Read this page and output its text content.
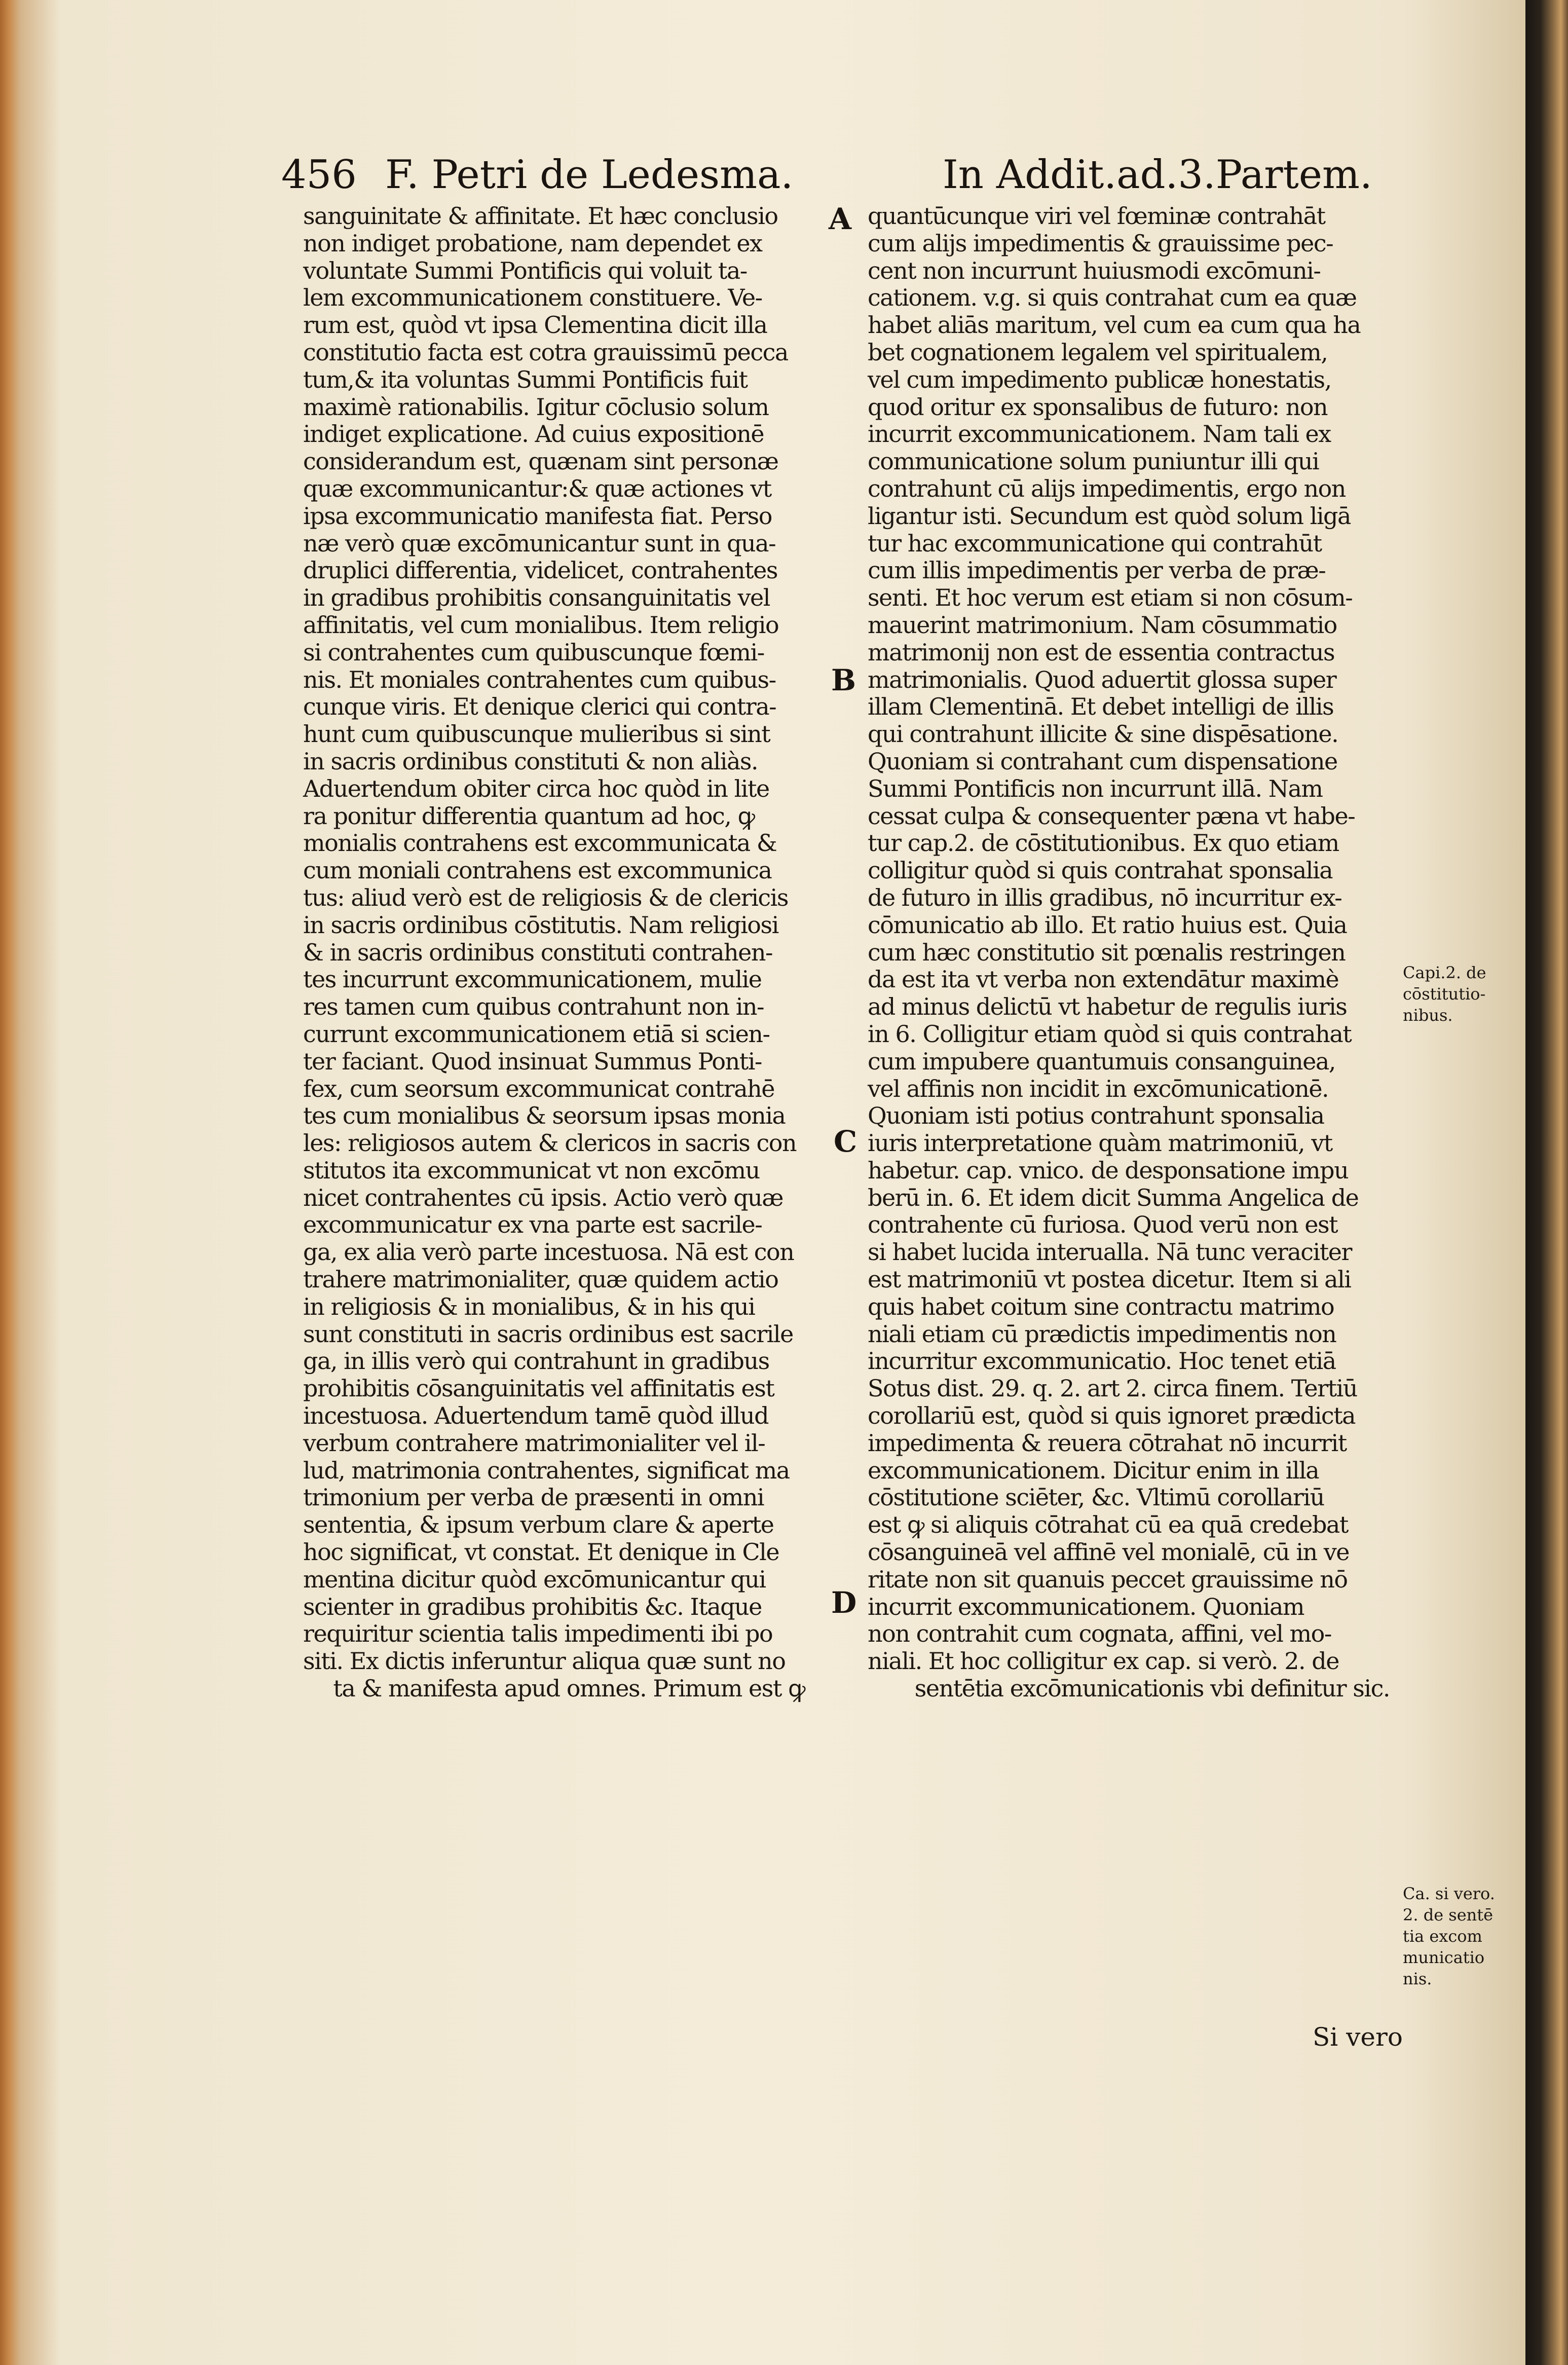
456 F. Petri de Ledesma.	In Addit.ad.3.Partem.
sanguinitate & affinitate. Et hæc conclusio
non indiget probatione, nam dependet ex
voluntate Summi Pontificis qui voluit ta-
lem excommunicationem constituere. Ve-
rum est, quòd vt ipsa Clementina dicit illa
constitutio facta est cotra grauissimū pecca
tum,& ita voluntas Summi Pontificis fuit
maximè rationabilis. Igitur cōclusio solum
indiget explicatione. Ad cuius expositionē
considerandum est, quænam sint personæ
quæ excommunicantur:& quæ actiones vt
ipsa excommunicatio manifesta fiat. Perso
næ verò quæ excōmunicantur sunt in qua-
druplici differentia, videlicet, contrahentes
in gradibus prohibitis consanguinitatis vel
affinitatis, vel cum monialibus. Item religio
si contrahentes cum quibuscunque fœmi-
nis. Et moniales contrahentes cum quibus-
cunque viris. Et denique clerici qui contra-
hunt cum quibuscunque mulieribus si sint
in sacris ordinibus constituti & non aliàs.
Aduertendum obiter circa hoc quòd in lite
ra ponitur differentia quantum ad hoc, ꝙ
monialis contrahens est excommunicata &
cum moniali contrahens est excommunica
tus: aliud verò est de religiosis & de clericis
in sacris ordinibus cōstitutis. Nam religiosi
& in sacris ordinibus constituti contrahen-
tes incurrunt excommunicationem, mulie
res tamen cum quibus contrahunt non in-
currunt excommunicationem etiā si scien-
ter faciant. Quod insinuat Summus Ponti-
fex, cum seorsum excommunicat contrahē
tes cum monialibus & seorsum ipsas monia
les: religiosos autem & clericos in sacris con
stitutos ita excommunicat vt non excōmu
nicet contrahentes cū ipsis. Actio verò quæ
excommunicatur ex vna parte est sacrile-
ga, ex alia verò parte incestuosa. Nā est con
trahere matrimonialiter, quæ quidem actio
in religiosis & in monialibus, & in his qui
sunt constituti in sacris ordinibus est sacrile
ga, in illis verò qui contrahunt in gradibus
prohibitis cōsanguinitatis vel affinitatis est
incestuosa. Aduertendum tamē quòd illud
verbum contrahere matrimonialiter vel il-
lud, matrimonia contrahentes, significat ma
trimonium per verba de præsenti in omni
sententia, & ipsum verbum clare & aperte
hoc significat, vt constat. Et denique in Cle
mentina dicitur quòd excōmunicantur qui
scienter in gradibus prohibitis &c. Itaque
requiritur scientia talis impedimenti ibi po
siti. Ex dictis inferuntur aliqua quæ sunt no
ta & manifesta apud omnes. Primum est ꝙ
A
B
C
D
quantūcunque viri vel fœminæ contrahāt
cum alijs impedimentis & grauissime pec-
cent non incurrunt huiusmodi excōmuni-
cationem. v.g. si quis contrahat cum ea quæ
habet aliās maritum, vel cum ea cum qua ha
bet cognationem legalem vel spiritualem,
vel cum impedimento publicæ honestatis,
quod oritur ex sponsalibus de futuro: non
incurrit excommunicationem. Nam tali ex
communicatione solum puniuntur illi qui
contrahunt cū alijs impedimentis, ergo non
ligantur isti. Secundum est quòd solum ligā
tur hac excommunicatione qui contrahūt
cum illis impedimentis per verba de præ-
senti. Et hoc verum est etiam si non cōsum-
mauerint matrimonium. Nam cōsummatio
matrimonij non est de essentia contractus
matrimonialis. Quod aduertit glossa super
illam Clementinā. Et debet intelligi de illis
qui contrahunt illicite & sine dispēsatione.
Quoniam si contrahant cum dispensatione
Summi Pontificis non incurrunt illā. Nam
cessat culpa & consequenter pæna vt habe-
tur cap.2. de cōstitutionibus. Ex quo etiam
colligitur quòd si quis contrahat sponsalia
de futuro in illis gradibus, nō incurritur ex-
cōmunicatio ab illo. Et ratio huius est. Quia
cum hæc constitutio sit pœnalis restringen
da est ita vt verba non extendātur maximè
ad minus delictū vt habetur de regulis iuris
in 6. Colligitur etiam quòd si quis contrahat
cum impubere quantumuis consanguinea,
vel affinis non incidit in excōmunicationē.
Quoniam isti potius contrahunt sponsalia
iuris interpretatione quàm matrimoniū, vt
habetur. cap. vnico. de desponsatione impu
berū in. 6. Et idem dicit Summa Angelica de
contrahente cū furiosa. Quod verū non est
si habet lucida interualla. Nā tunc veraciter
est matrimoniū vt postea dicetur. Item si ali
quis habet coitum sine contractu matrimo
niali etiam cū prædictis impedimentis non
incurritur excommunicatio. Hoc tenet etiā
Sotus dist. 29. q. 2. art 2. circa finem. Tertiū
corollariū est, quòd si quis ignoret prædicta
impedimenta & reuera cōtrahat nō incurrit
excommunicationem. Dicitur enim in illa
cōstitutione sciēter, &c. Vltimū corollariū
est ꝙ si aliquis cōtrahat cū ea quā credebat
cōsanguineā vel affinē vel monialē, cū in ve
ritate non sit quanuis peccet grauissime nō
incurrit excommunicationem. Quoniam
non contrahit cum cognata, affini, vel mo-
niali. Et hoc colligitur ex cap. si verò. 2. de
sentētia excōmunicationis vbi definitur sic.
Capi.2. de
cōstitutio-
nibus.
Ca. si vero.
2. de sentē
tia excom
municatio
nis.
Si vero
